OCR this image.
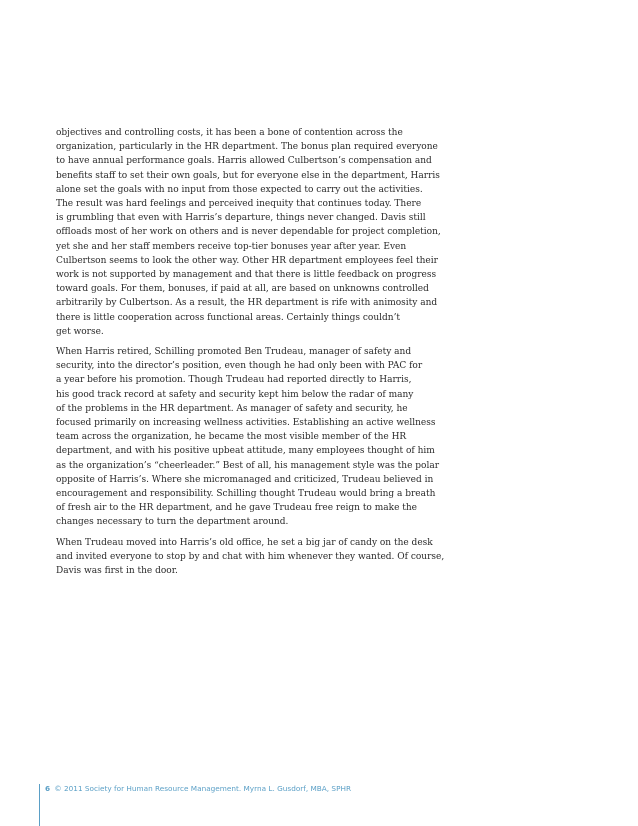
objectives and controlling costs, it has been a bone of contention across the
organization, particularly in the HR department. The bonus plan required everyone
to have annual performance goals. Harris allowed Culbertson’s compensation and
benefits staff to set their own goals, but for everyone else in the department, Harris
alone set the goals with no input from those expected to carry out the activities.
The result was hard feelings and perceived inequity that continues today. There
is grumbling that even with Harris’s departure, things never changed. Davis still
offloads most of her work on others and is never dependable for project completion,
yet she and her staff members receive top-tier bonuses year after year. Even
Culbertson seems to look the other way. Other HR department employees feel their
work is not supported by management and that there is little feedback on progress
toward goals. For them, bonuses, if paid at all, are based on unknowns controlled
arbitrarily by Culbertson. As a result, the HR department is rife with animosity and
there is little cooperation across functional areas. Certainly things couldn’t
get worse.

When Harris retired, Schilling promoted Ben Trudeau, manager of safety and
security, into the director’s position, even though he had only been with PAC for
a year before his promotion. Though Trudeau had reported directly to Harris,
his good track record at safety and security kept him below the radar of many
of the problems in the HR department. As manager of safety and security, he
focused primarily on increasing wellness activities. Establishing an active wellness
team across the organization, he became the most visible member of the HR
department, and with his positive upbeat attitude, many employees thought of him
as the organization’s “cheerleader.” Best of all, his management style was the polar
opposite of Harris’s. Where she micromanaged and criticized, Trudeau believed in
encouragement and responsibility. Schilling thought Trudeau would bring a breath
of fresh air to the HR department, and he gave Trudeau free reign to make the
changes necessary to turn the department around.

When Trudeau moved into Harris’s old office, he set a big jar of candy on the desk
and invited everyone to stop by and chat with him whenever they wanted. Of course,
Davis was first in the door.

6 © 2011 Society for Human Resource Management. Myrna L. Gusdorf, MBA, SPHR
